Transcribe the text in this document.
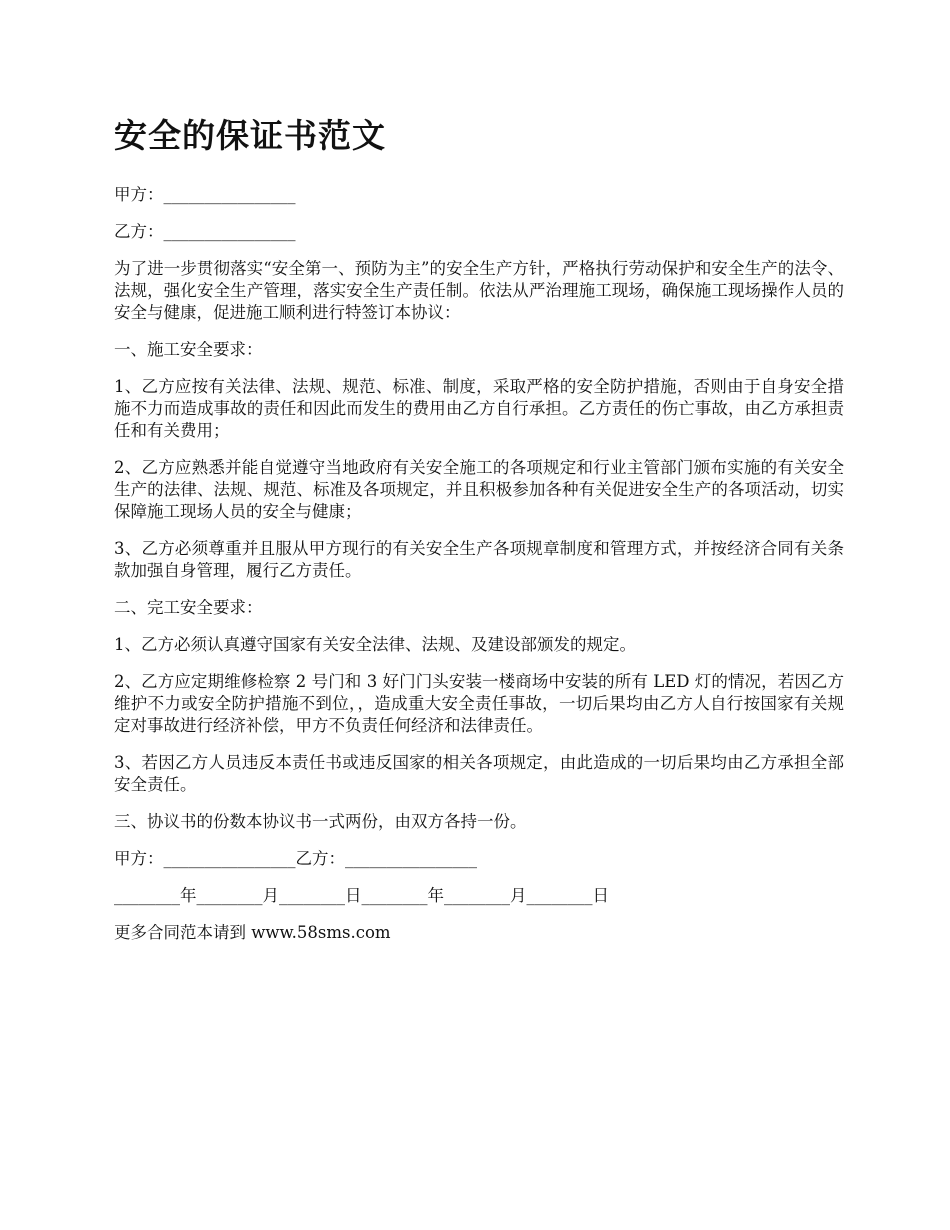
安全的保证书范文

甲方：________________

乙方：________________

为了进一步贯彻落实“安全第一、预防为主”的安全生产方针，严格执行劳动保护和安全生产的法令、法规，强化安全生产管理，落实安全生产责任制。依法从严治理施工现场，确保施工现场操作人员的安全与健康，促进施工顺利进行特签订本协议：

一、施工安全要求：

1、乙方应按有关法律、法规、规范、标准、制度，采取严格的安全防护措施，否则由于自身安全措施不力而造成事故的责任和因此而发生的费用由乙方自行承担。乙方责任的伤亡事故，由乙方承担责任和有关费用；

2、乙方应熟悉并能自觉遵守当地政府有关安全施工的各项规定和行业主管部门颁布实施的有关安全生产的法律、法规、规范、标准及各项规定，并且积极参加各种有关促进安全生产的各项活动，切实保障施工现场人员的安全与健康；

3、乙方必须尊重并且服从甲方现行的有关安全生产各项规章制度和管理方式，并按经济合同有关条款加强自身管理，履行乙方责任。

二、完工安全要求：

1、乙方必须认真遵守国家有关安全法律、法规、及建设部颁发的规定。

2、乙方应定期维修检察 2 号门和 3 好门门头安装一楼商场中安装的所有 LED 灯的情况，若因乙方维护不力或安全防护措施不到位，，造成重大安全责任事故，一切后果均由乙方人自行按国家有关规定对事故进行经济补偿，甲方不负责任何经济和法律责任。

3、若因乙方人员违反本责任书或违反国家的相关各项规定，由此造成的一切后果均由乙方承担全部安全责任。

三、协议书的份数本协议书一式两份，由双方各持一份。

甲方：________________乙方：________________

________年________月________日________年________月________日

更多合同范本请到 www.58sms.com
